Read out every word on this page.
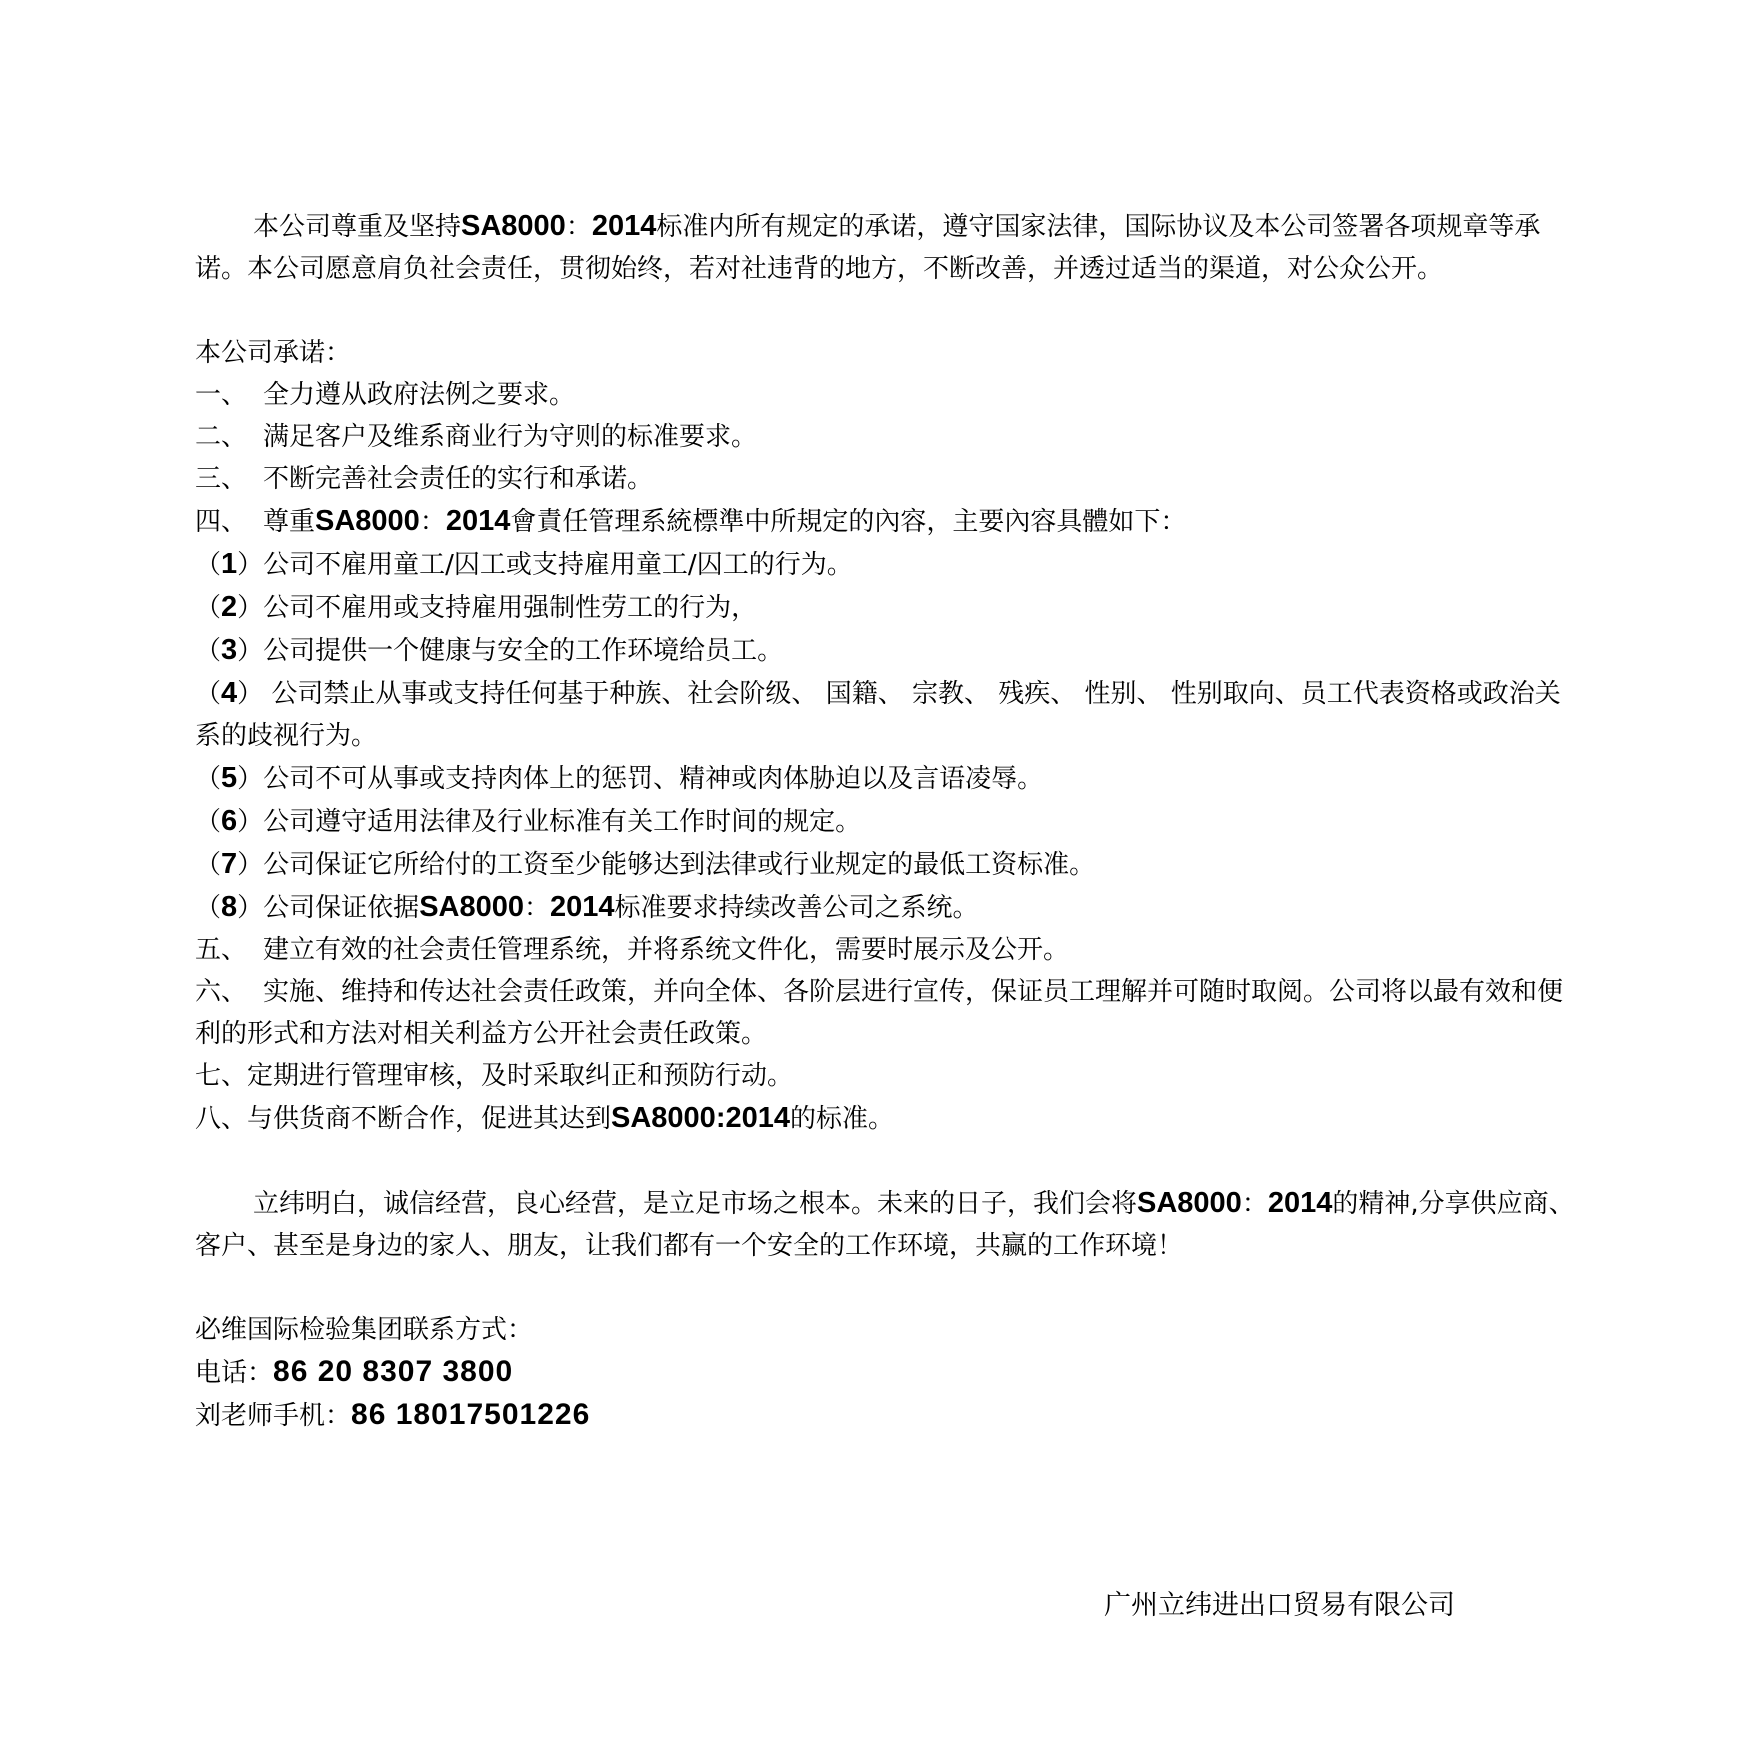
本公司尊重及坚持SA8000：2014标准内所有规定的承诺，遵守国家法律，国际协议及本公司签署各项规章等承诺。本公司愿意肩负社会责任，贯彻始终，若对社违背的地方，不断改善，并透过适当的渠道，对公众公开。

本公司承诺：

一、 全力遵从政府法例之要求。

二、 满足客户及维系商业行为守则的标准要求。

三、 不断完善社会责任的实行和承诺。

四、 尊重SA8000：2014會責任管理系統標準中所規定的內容，主要內容具體如下：

（1）公司不雇用童工/囚工或支持雇用童工/囚工的行为。

（2）公司不雇用或支持雇用强制性劳工的行为，

（3）公司提供一个健康与安全的工作环境给员工。

（4） 公司禁止从事或支持任何基于种族、社会阶级、 国籍、 宗教、 残疾、 性别、 性别取向、员工代表资格或政治关系的歧视行为。

（5）公司不可从事或支持肉体上的惩罚、精神或肉体胁迫以及言语凌辱。

（6）公司遵守适用法律及行业标准有关工作时间的规定。

（7）公司保证它所给付的工资至少能够达到法律或行业规定的最低工资标准。

（8）公司保证依据SA8000：2014标准要求持续改善公司之系统。

五、 建立有效的社会责任管理系统，并将系统文件化，需要时展示及公开。

六、 实施、维持和传达社会责任政策，并向全体、各阶层进行宣传，保证员工理解并可随时取阅。公司将以最有效和便利的形式和方法对相关利益方公开社会责任政策。

七、定期进行管理审核，及时采取纠正和预防行动。

八、与供货商不断合作，促进其达到SA8000:2014的标准。

立纬明白，诚信经营，良心经营，是立足市场之根本。未来的日子，我们会将SA8000：2014的精神,分享供应商、客户、甚至是身边的家人、朋友，让我们都有一个安全的工作环境，共赢的工作环境！

必维国际检验集团联系方式：

电话：86 20 8307 3800

刘老师手机：86 18017501226

广州立纬进出口贸易有限公司
